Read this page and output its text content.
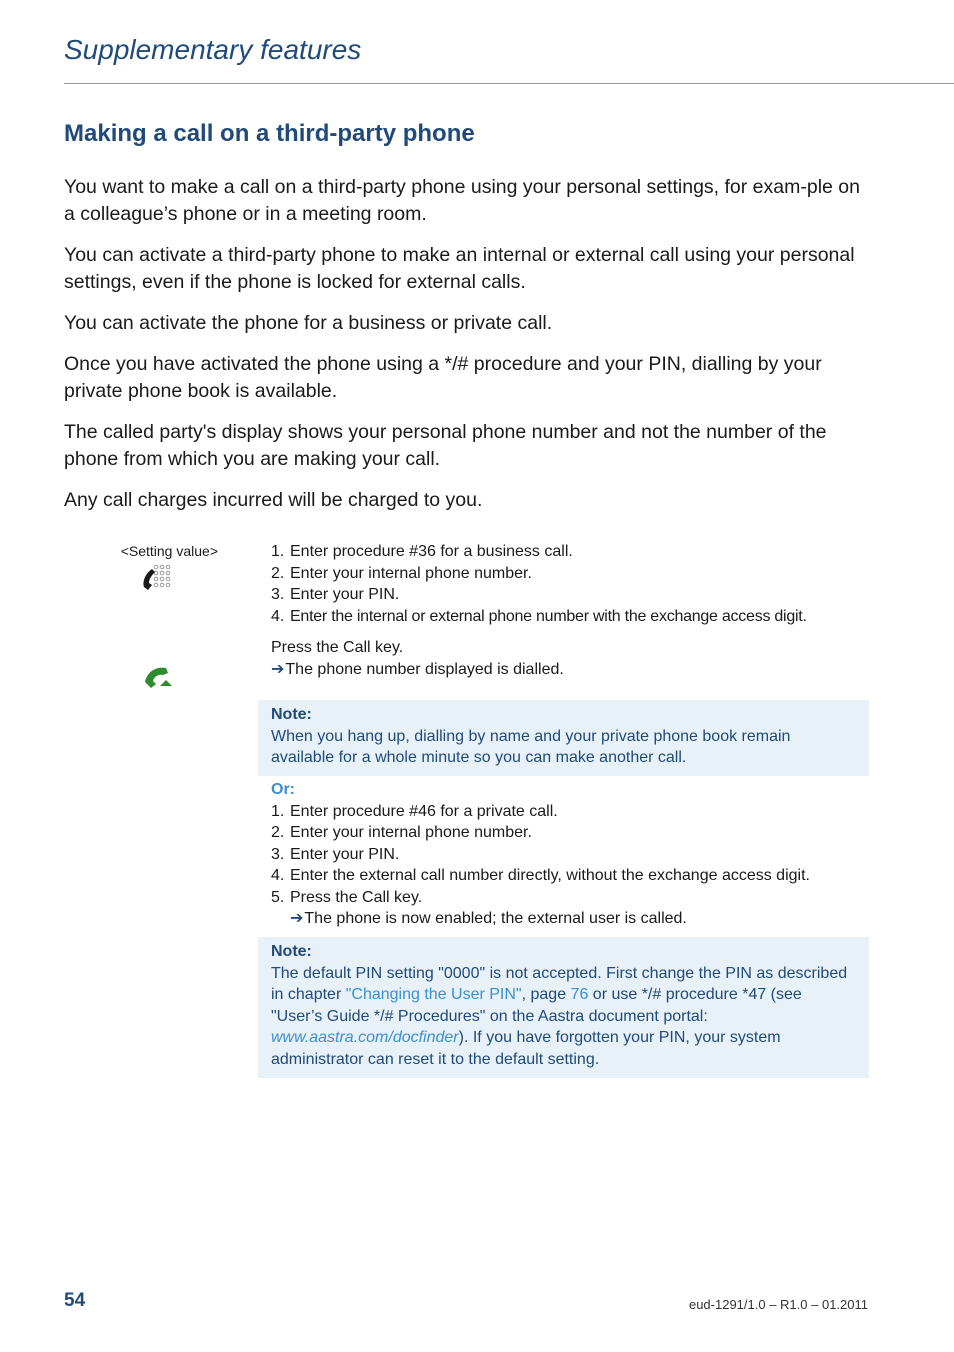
Supplementary features
Making a call on a third-party phone

You want to make a call on a third-party phone using your personal settings, for exam-ple on a colleague’s phone or in a meeting room.

You can activate a third-party phone to make an internal or external call using your personal settings, even if the phone is locked for external calls.

You can activate the phone for a business or private call.

Once you have activated the phone using a */# procedure and your PIN, dialling by your private phone book is available.

The called party's display shows your personal phone number and not the number of the phone from which you are making your call.

Any call charges incurred will be charged to you.

<Setting value>	1. Enter procedure #36 for a business call.
2. Enter your internal phone number.
3. Enter your PIN.
4. Enter the internal or external phone number with the exchange access digit.
Press the Call key.
➔The phone number displayed is dialled.
Note:
When you hang up, dialling by name and your private phone book remain available for a whole minute so you can make another call.
Or:
1. Enter procedure #46 for a private call.
2. Enter your internal phone number.
3. Enter your PIN.
4. Enter the external call number directly, without the exchange access digit.
5. Press the Call key.
➔The phone is now enabled; the external user is called.
Note:
The default PIN setting "0000" is not accepted. First change the PIN as described in chapter "Changing the User PIN", page 76 or use */# procedure *47 (see "User’s Guide */# Procedures" on the Aastra document portal: www.aastra.com/docfinder). If you have forgotten your PIN, your system administrator can reset it to the default setting.
54	eud-1291/1.0 – R1.0 – 01.2011
